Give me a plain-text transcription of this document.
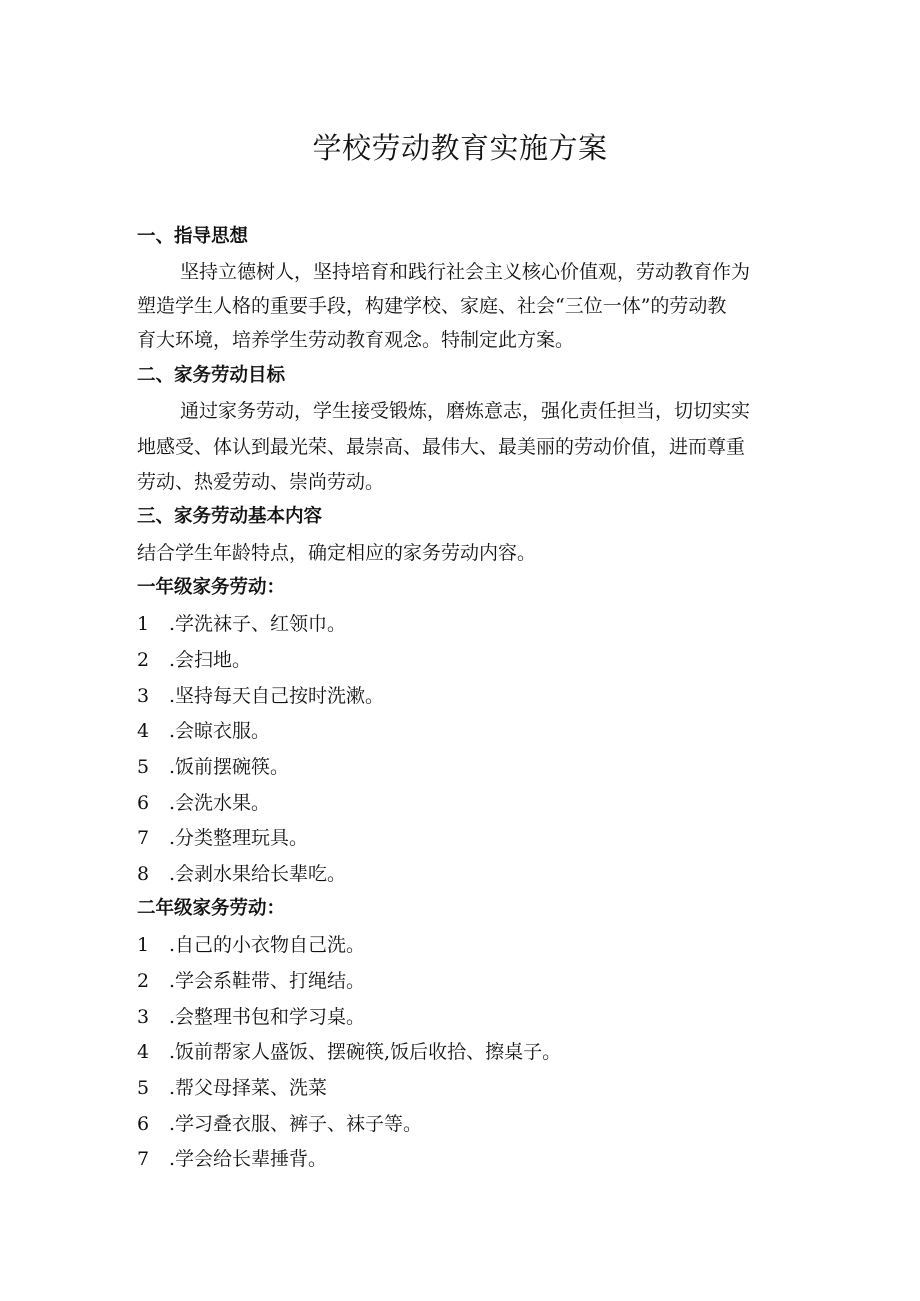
学校劳动教育实施方案
一、指导思想
坚持立德树人，坚持培育和践行社会主义核心价值观，劳动教育作为
塑造学生人格的重要手段，构建学校、家庭、社会“三位一体”的劳动教
育大环境，培养学生劳动教育观念。特制定此方案。
二、家务劳动目标
通过家务劳动，学生接受锻炼，磨炼意志，强化责任担当，切切实实
地感受、体认到最光荣、最崇高、最伟大、最美丽的劳动价值，进而尊重
劳动、热爱劳动、崇尚劳动。
三、家务劳动基本内容
结合学生年龄特点，确定相应的家务劳动内容。
一年级家务劳动：
1 .学洗袜子、红领巾。
2 .会扫地。
3 .坚持每天自己按时洗漱。
4 .会晾衣服。
5 .饭前摆碗筷。
6 .会洗水果。
7 .分类整理玩具。
8 .会剥水果给长辈吃。
二年级家务劳动：
1 .自己的小衣物自己洗。
2 .学会系鞋带、打绳结。
3 .会整理书包和学习桌。
4 .饭前帮家人盛饭、摆碗筷,饭后收拾、擦桌子。
5 .帮父母择菜、洗菜
6 .学习叠衣服、裤子、袜子等。
7 .学会给长辈捶背。
